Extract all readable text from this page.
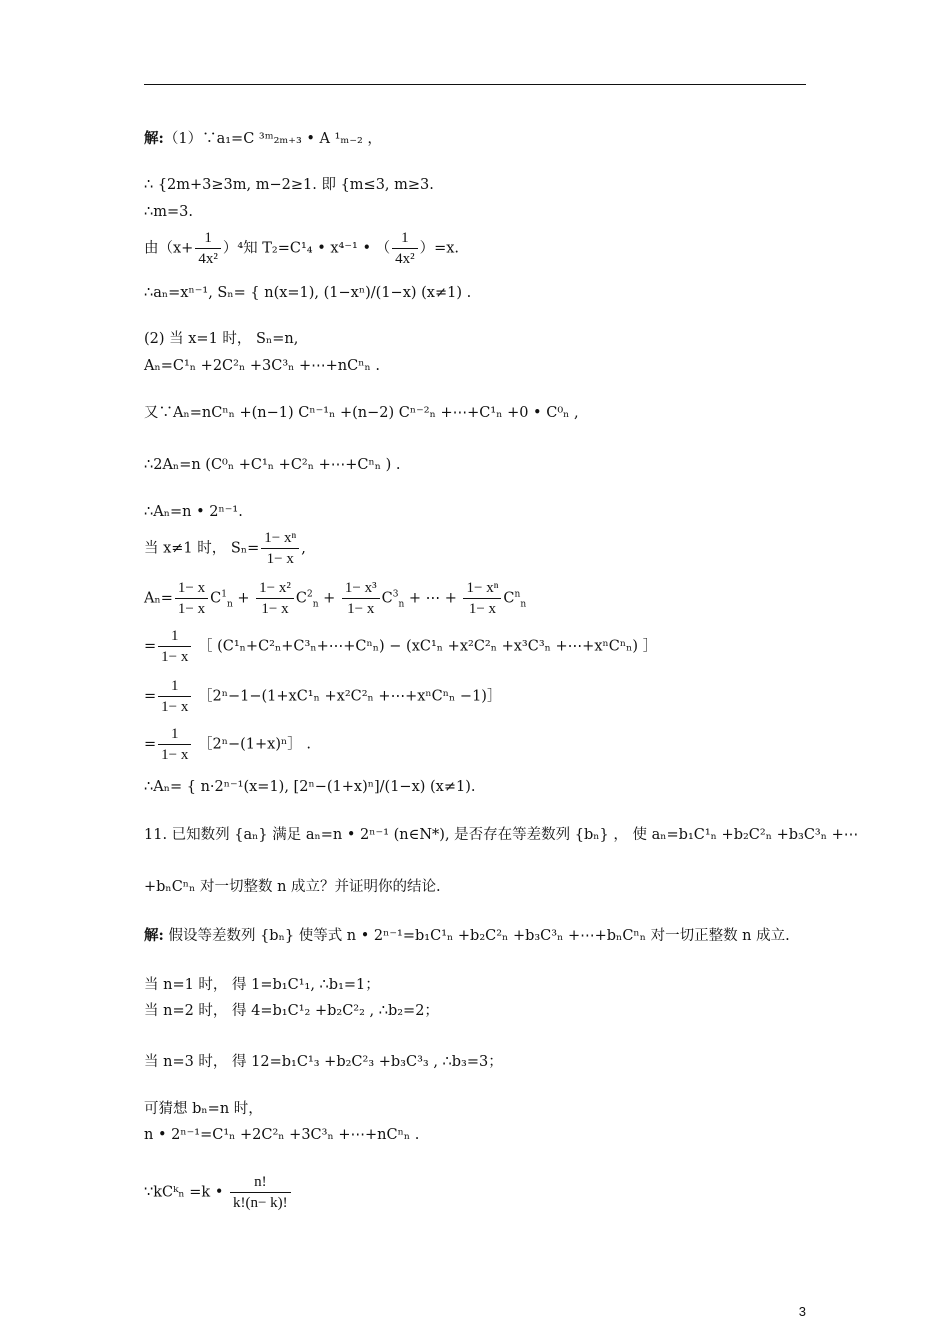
解:（1）∵a₁=C ³ᵐ₂ₘ₊₃ • A ¹ₘ₋₂ ，
∴ {2m+3≥3m, m−2≥1. 即 {m≤3, m≥3.
∴m=3.
由$(x+ \frac{1}{\text{4x²}} )^4$知 T₂=C¹₄ • x⁴⁻¹ • （ $\frac{1}{\text{4x²}} )=x$.
∴aₙ=xⁿ⁻¹, Sₙ= { n(x=1), (1−xⁿ)/(1−x) (x≠1) .
(2) 当 x=1 时， Sₙ=n,
Aₙ=C¹ₙ +2C²ₙ +3C³ₙ +⋯+nCⁿₙ .
又∵Aₙ=nCⁿₙ +(n−1) Cⁿ⁻¹ₙ +(n−2) Cⁿ⁻²ₙ +⋯+C¹ₙ +0 • C⁰ₙ ,
∴2Aₙ=n (C⁰ₙ +C¹ₙ +C²ₙ +⋯+Cⁿₙ ) .
∴Aₙ=n • 2ⁿ⁻¹.
当 x≠1 时， $S_n= \frac{\text{1− xⁿ}}{1- x}$ ,
$A_n= \frac{1- x}{1- x} C^1_n + \frac{\text{1− x²}}{1- x} C^2_n + \frac{\text{1− x³}}{1- x} C^3_n$ + ⋯ + $\frac{\text{1− xⁿ}}{1- x} C^n_n$
= $\frac{1}{1- x}$ ［ (C¹ₙ+C²ₙ+C³ₙ+⋯+Cⁿₙ) − (xC¹ₙ +x²C²ₙ +x³C³ₙ +⋯+xⁿCⁿₙ) ］
= $\frac{1}{1- x}$ ［2ⁿ−1−(1+xC¹ₙ +x²C²ₙ +⋯+xⁿCⁿₙ −1)］
= $\frac{1}{1- x}$ ［2ⁿ−(1+x)ⁿ］ .
∴Aₙ= { n·2ⁿ⁻¹(x=1), [2ⁿ−(1+x)ⁿ]/(1−x) (x≠1).
11. 已知数列 {aₙ} 满足 aₙ=n • 2ⁿ⁻¹ (n∈N*), 是否存在等差数列 {bₙ} ， 使 aₙ=b₁C¹ₙ +b₂C²ₙ +b₃C³ₙ +⋯
+bₙCⁿₙ 对一切整数 n 成立？并证明你的结论.
解: 假设等差数列 {bₙ} 使等式 n • 2ⁿ⁻¹=b₁C¹ₙ +b₂C²ₙ +b₃C³ₙ +⋯+bₙCⁿₙ 对一切正整数 n 成立.
当 n=1 时， 得 1=b₁C¹₁, ∴b₁=1；
当 n=2 时， 得 4=b₁C¹₂ +b₂C²₂ , ∴b₂=2；
当 n=3 时， 得 12=b₁C¹₃ +b₂C²₃ +b₃C³₃ , ∴b₃=3；
可猜想 bₙ=n 时，
n • 2ⁿ⁻¹=C¹ₙ +2C²ₙ +3C³ₙ +⋯+nCⁿₙ .
∵kCᵏₙ =k • $\frac{n!}{k!(n- k)!}$
3
